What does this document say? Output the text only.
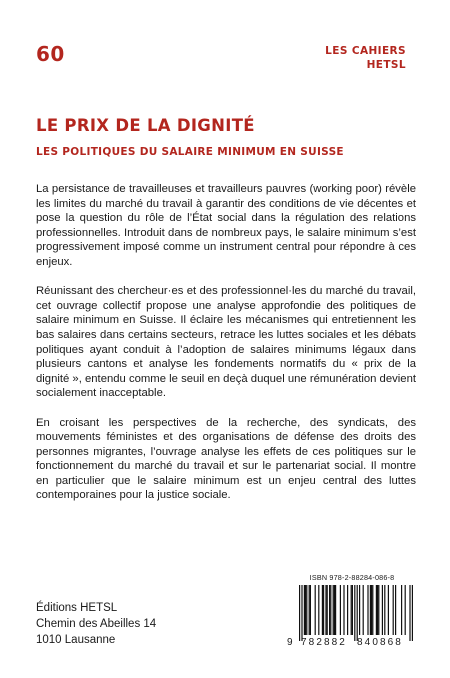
60	LES CAHIERS
HETSL
LE PRIX DE LA DIGNITÉ
LES POLITIQUES DU SALAIRE MINIMUM EN SUISSE

La persistance de travailleuses et travailleurs pauvres (working poor) révèle les limites du marché du travail à garantir des conditions de vie décentes et pose la question du rôle de l’État social dans la régulation des relations professionnelles. Introduit dans de nombreux pays, le salaire minimum s’est progressivement imposé comme un instrument central pour répondre à ces enjeux.

Réunissant des chercheur·es et des professionnel·les du marché du travail, cet ouvrage collectif propose une analyse approfondie des politiques de salaire minimum en Suisse. Il éclaire les mécanismes qui entretiennent les bas salaires dans certains secteurs, retrace les luttes sociales et les débats politiques ayant conduit à l’adoption de salaires minimums légaux dans plusieurs cantons et analyse les fondements normatifs du « prix de la dignité », entendu comme le seuil en deçà duquel une rémunération devient socialement inacceptable.

En croisant les perspectives de la recherche, des syndicats, des mouvements féministes et des organisations de défense des droits des personnes migrantes, l’ouvrage analyse les effets de ces politiques sur le fonctionnement du marché du travail et sur le partenariat social. Il montre en particulier que le salaire minimum est un enjeu central des luttes contemporaines pour la justice sociale.

Éditions HETSL
Chemin des Abeilles 14
1010 Lausanne
ISBN 978-2-88284-086-8
9 782882 840868
